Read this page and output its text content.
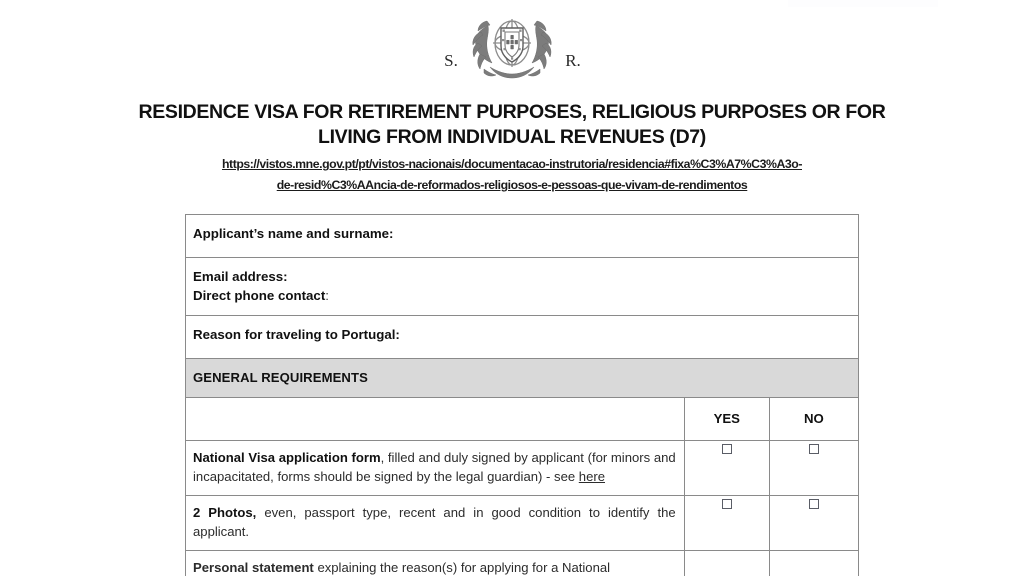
S.	R.
RESIDENCE VISA FOR RETIREMENT PURPOSES, RELIGIOUS PURPOSES OR FOR
LIVING FROM INDIVIDUAL REVENUES (D7)
https://vistos.mne.gov.pt/pt/vistos-nacionais/documentacao-instrutoria/residencia#fixa%C3%A7%C3%A3o-
de-resid%C3%AAncia-de-reformados-religiosos-e-pessoas-que-vivam-de-rendimentos
Applicant’s name and surname:		

Email address:
Direct phone contact:		

Reason for traveling to Portugal:		

GENERAL REQUIREMENTS		

	YES	NO

National Visa application form, filled and duly signed by applicant (for minors and incapacitated, forms should be signed by the legal guardian) - see here		

2 Photos, even, passport type, recent and in good condition to identify the applicant.		

Personal statement explaining the reason(s) for applying for a National		
